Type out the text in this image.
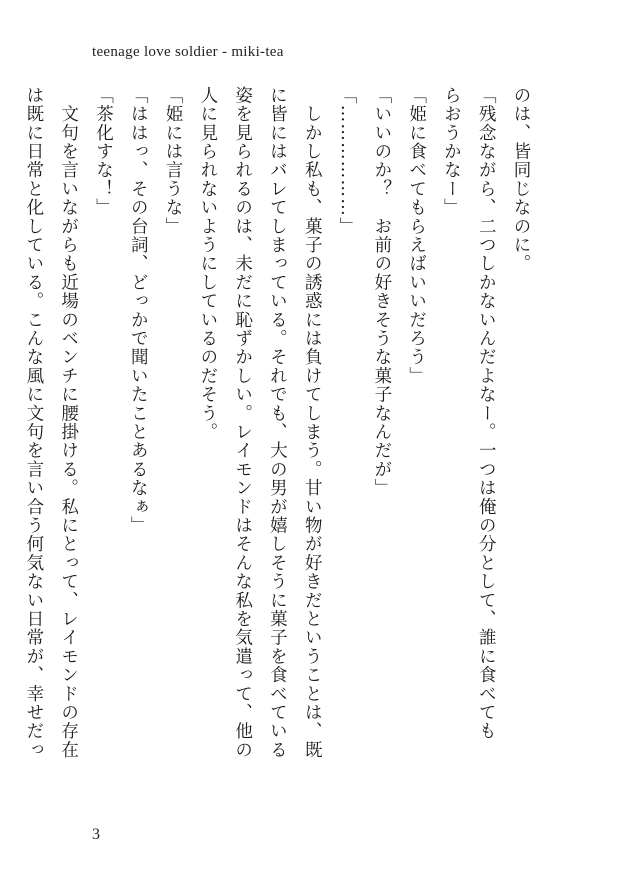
teenage love soldier - miki-tea
のは、皆同じなのに。
「残念ながら、二つしかないんだよなー。一つは俺の分として、誰に食べても
らおうかなー」
「姫に食べてもらえばいいだろう」
「いいのか？　お前の好きそうな菓子なんだが」
「………………」
　しかし私も、菓子の誘惑には負けてしまう。甘い物が好きだということは、既
に皆にはバレてしまっている。それでも、大の男が嬉しそうに菓子を食べている
姿を見られるのは、未だに恥ずかしい。レイモンドはそんな私を気遣って、他の
人に見られないようにしているのだそう。
「姫には言うな」
「ははっ、その台詞、どっかで聞いたことあるなぁ」
「茶化すな！」
　文句を言いながらも近場のベンチに腰掛ける。私にとって、レイモンドの存在
は既に日常と化している。こんな風に文句を言い合う何気ない日常が、幸せだっ
3
